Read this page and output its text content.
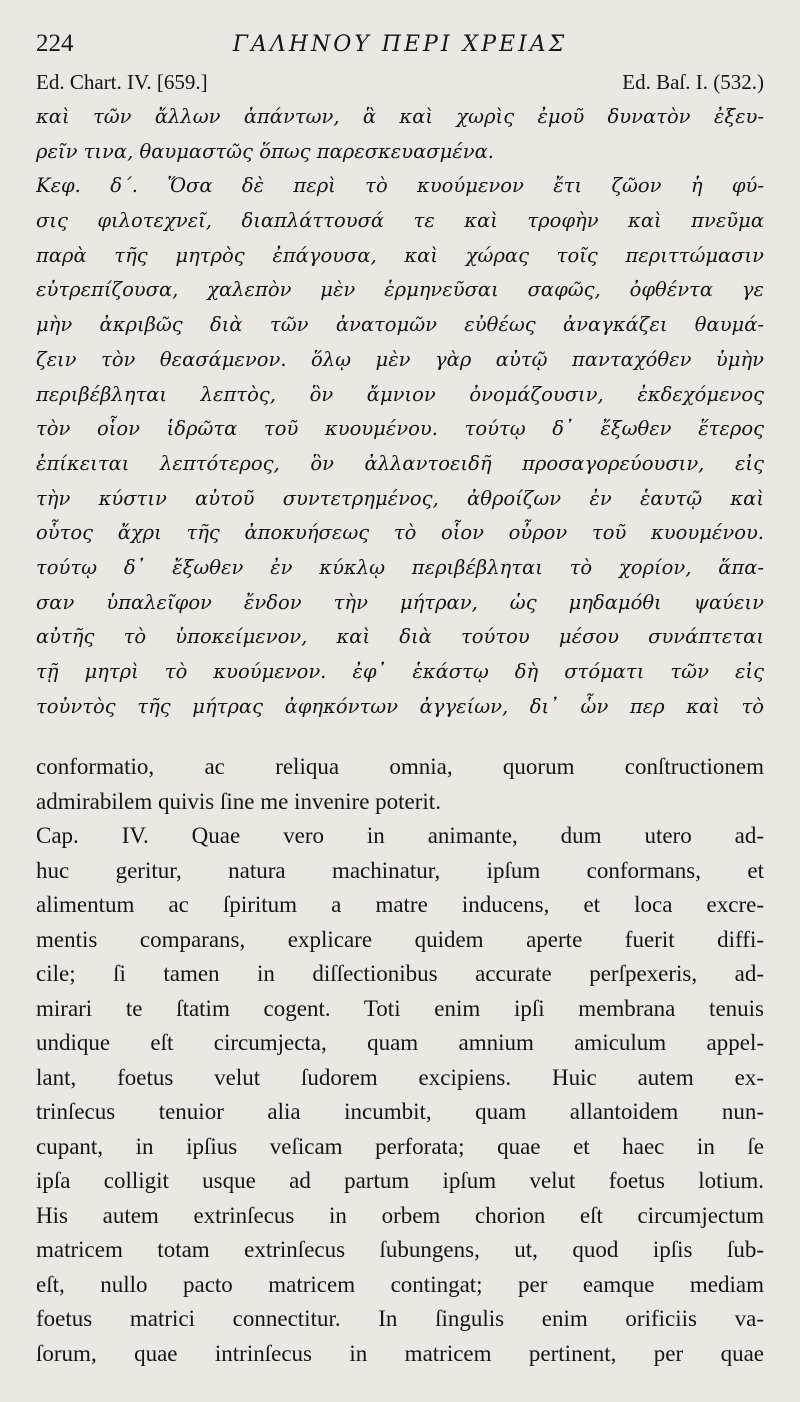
224	ΓΑΛΗΝΟΥ ΠΕΡΙ ΧΡΕΙΑΣ
Ed. Chart. IV. [659.]	Ed. Baſ. I. (532.)
καὶ τῶν ἄλλων ἀπάντων, ἃ καὶ χωρὶς ἐμοῦ δυνατὸν ἐξευ-
ρεῖν τινα, θαυμαστῶς ὅπως παρεσκευασμένα.
Κεφ. δ΄. Ὅσα δὲ περὶ τὸ κυούμενον ἔτι ζῶον ἡ φύ-
σις φιλοτεχνεῖ, διαπλάττουσά τε καὶ τροφὴν καὶ πνεῦμα
παρὰ τῆς μητρὸς ἐπάγουσα, καὶ χώρας τοῖς περιττώμασιν
εὐτρεπίζουσα, χαλεπὸν μὲν ἑρμηνεῦσαι σαφῶς, ὀφθέντα γε
μὴν ἀκριβῶς διὰ τῶν ἀνατομῶν εὐθέως ἀναγκάζει θαυμά-
ζειν τὸν θεασάμενον. ὅλῳ μὲν γὰρ αὐτῷ πανταχόθεν ὑμὴν
περιβέβληται λεπτὸς, ὃν ἄμνιον ὀνομάζουσιν, ἐκδεχόμενος
τὸν οἷον ἱδρῶτα τοῦ κυουμένου. τούτῳ δ᾽ ἔξωθεν ἕτερος
ἐπίκειται λεπτότερος, ὃν ἀλλαντοειδῆ προσαγορεύουσιν, εἰς
τὴν κύστιν αὐτοῦ συντετρημένος, ἀθροίζων ἐν ἑαυτῷ καὶ
οὗτος ἄχρι τῆς ἀποκυήσεως τὸ οἷον οὖρον τοῦ κυουμένου.
τούτῳ δ᾽ ἔξωθεν ἐν κύκλῳ περιβέβληται τὸ χορίον, ἅπα-
σαν ὑπαλεῖφον ἔνδον τὴν μήτραν, ὡς μηδαμόθι ψαύειν
αὐτῆς τὸ ὑποκείμενον, καὶ διὰ τούτου μέσου συνάπτεται
τῇ μητρὶ τὸ κυούμενον. ἐφ᾽ ἑκάστῳ δὴ στόματι τῶν εἰς
τοὐντὸς τῆς μήτρας ἀφηκόντων ἀγγείων, δι᾽ ὧν περ καὶ τὸ
conformatio, ac reliqua omnia, quorum conſtructionem
admirabilem quivis ſine me invenire poterit.
Cap. IV. Quae vero in animante, dum utero ad-
huc geritur, natura machinatur, ipſum conformans, et
alimentum ac ſpiritum a matre inducens, et loca excre-
mentis comparans, explicare quidem aperte fuerit diffi-
cile; ſi tamen in diſſectionibus accurate perſpexeris, ad-
mirari te ſtatim cogent. Toti enim ipſi membrana tenuis
undique eſt circumjecta, quam amnium amiculum appel-
lant, foetus velut ſudorem excipiens. Huic autem ex-
trinſecus tenuior alia incumbit, quam allantoidem nun-
cupant, in ipſius veſicam perforata; quae et haec in ſe
ipſa colligit usque ad partum ipſum velut foetus lotium.
His autem extrinſecus in orbem chorion eſt circumjectum
matricem totam extrinſecus ſubungens, ut, quod ipſis ſub-
eſt, nullo pacto matricem contingat; per eamque mediam
foetus matrici connectitur. In ſingulis enim orificiis va-
ſorum, quae intrinſecus in matricem pertinent, per quae
